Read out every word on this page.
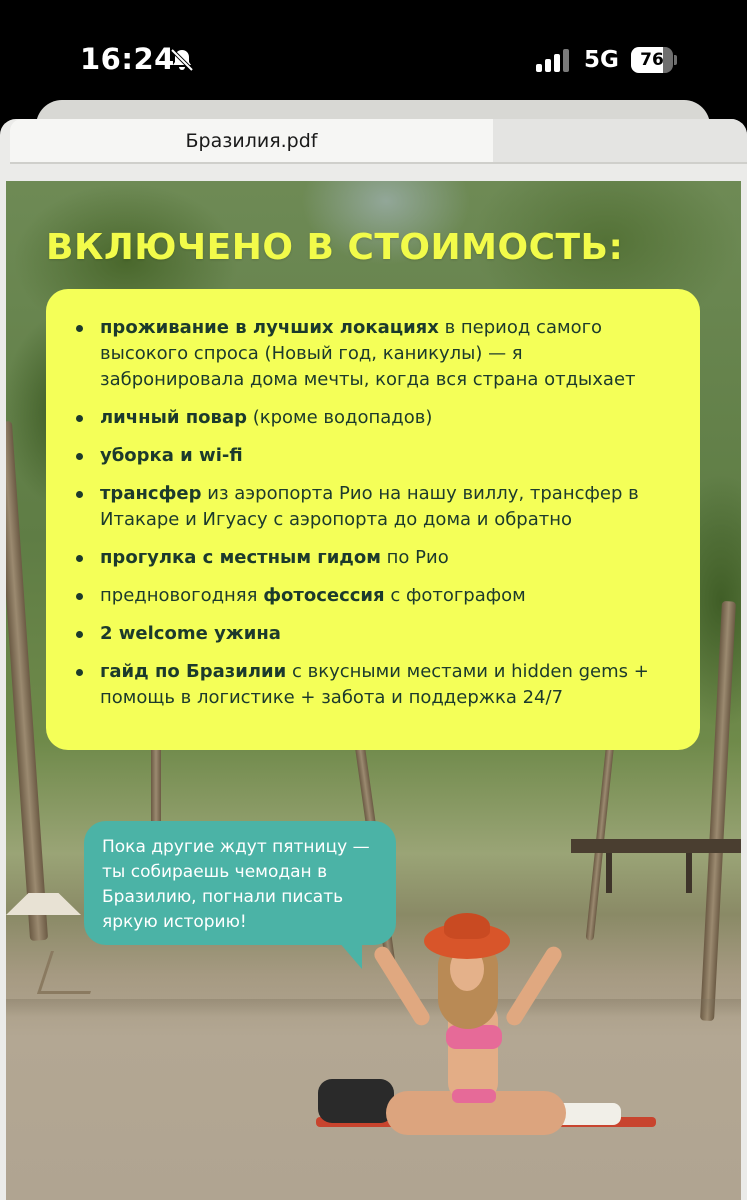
16:24	5G	76
Бразилия.pdf
ВКЛЮЧЕНО В СТОИМОСТЬ:
проживание в лучших локациях в период самого высокого спроса (Новый год, каникулы) — я забронировала дома мечты, когда вся страна отдыхает
личный повар (кроме водопадов)
уборка и wi-fi
трансфер из аэропорта Рио на нашу виллу, трансфер в Итакаре и Игуасу с аэропорта до дома и обратно
прогулка с местным гидом по Рио
предновогодняя фотосессия с фотографом
2 welcome ужина
гайд по Бразилии с вкусными местами и hidden gems + помощь в логистике + забота и поддержка 24/7
Пока другие ждут пятницу — ты собираешь чемодан в Бразилию, погнали писать яркую историю!
